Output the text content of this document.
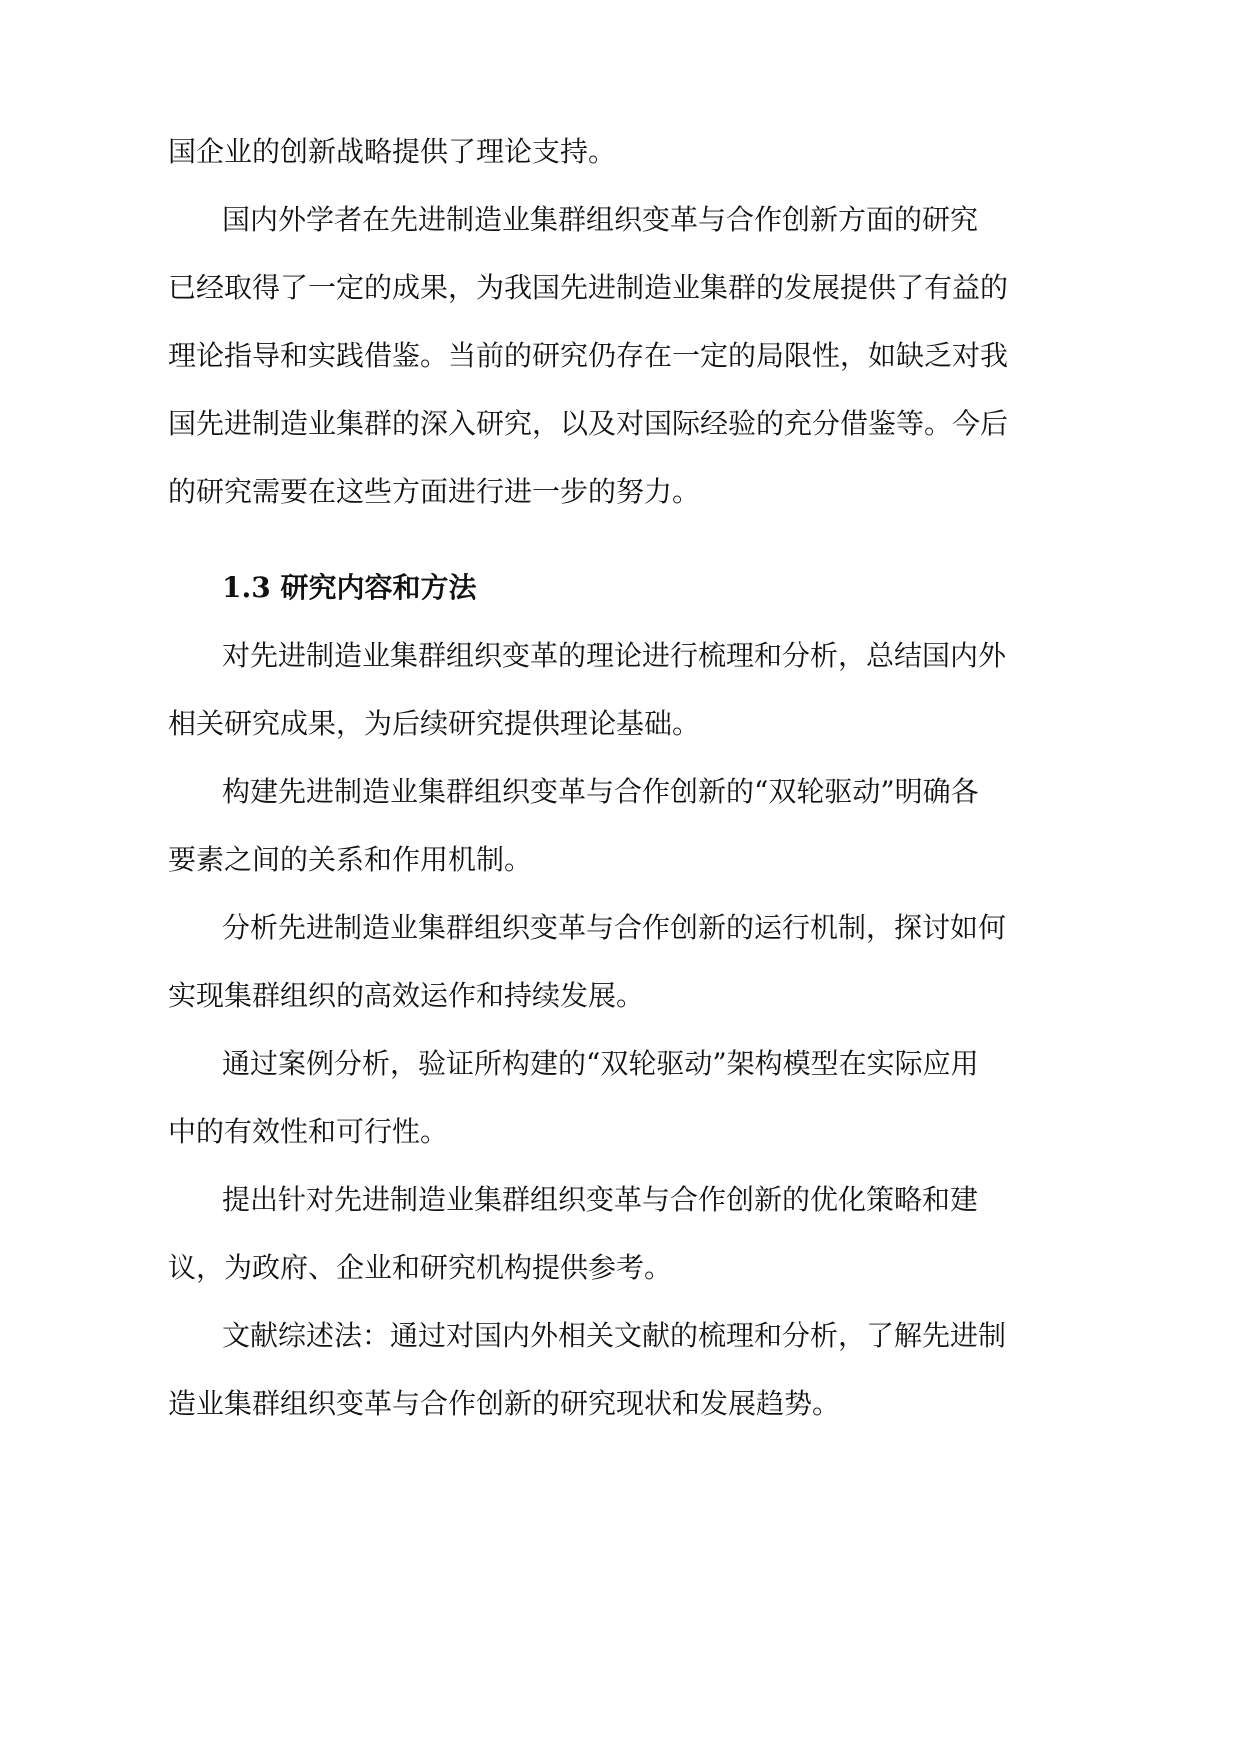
国企业的创新战略提供了理论支持。
国内外学者在先进制造业集群组织变革与合作创新方面的研究
已经取得了一定的成果，为我国先进制造业集群的发展提供了有益的
理论指导和实践借鉴。当前的研究仍存在一定的局限性，如缺乏对我
国先进制造业集群的深入研究，以及对国际经验的充分借鉴等。今后
的研究需要在这些方面进行进一步的努力。
1.3 研究内容和方法
对先进制造业集群组织变革的理论进行梳理和分析，总结国内外
相关研究成果，为后续研究提供理论基础。
构建先进制造业集群组织变革与合作创新的“双轮驱动”明确各
要素之间的关系和作用机制。
分析先进制造业集群组织变革与合作创新的运行机制，探讨如何
实现集群组织的高效运作和持续发展。
通过案例分析，验证所构建的“双轮驱动”架构模型在实际应用
中的有效性和可行性。
提出针对先进制造业集群组织变革与合作创新的优化策略和建
议，为政府、企业和研究机构提供参考。
文献综述法：通过对国内外相关文献的梳理和分析，了解先进制
造业集群组织变革与合作创新的研究现状和发展趋势。
